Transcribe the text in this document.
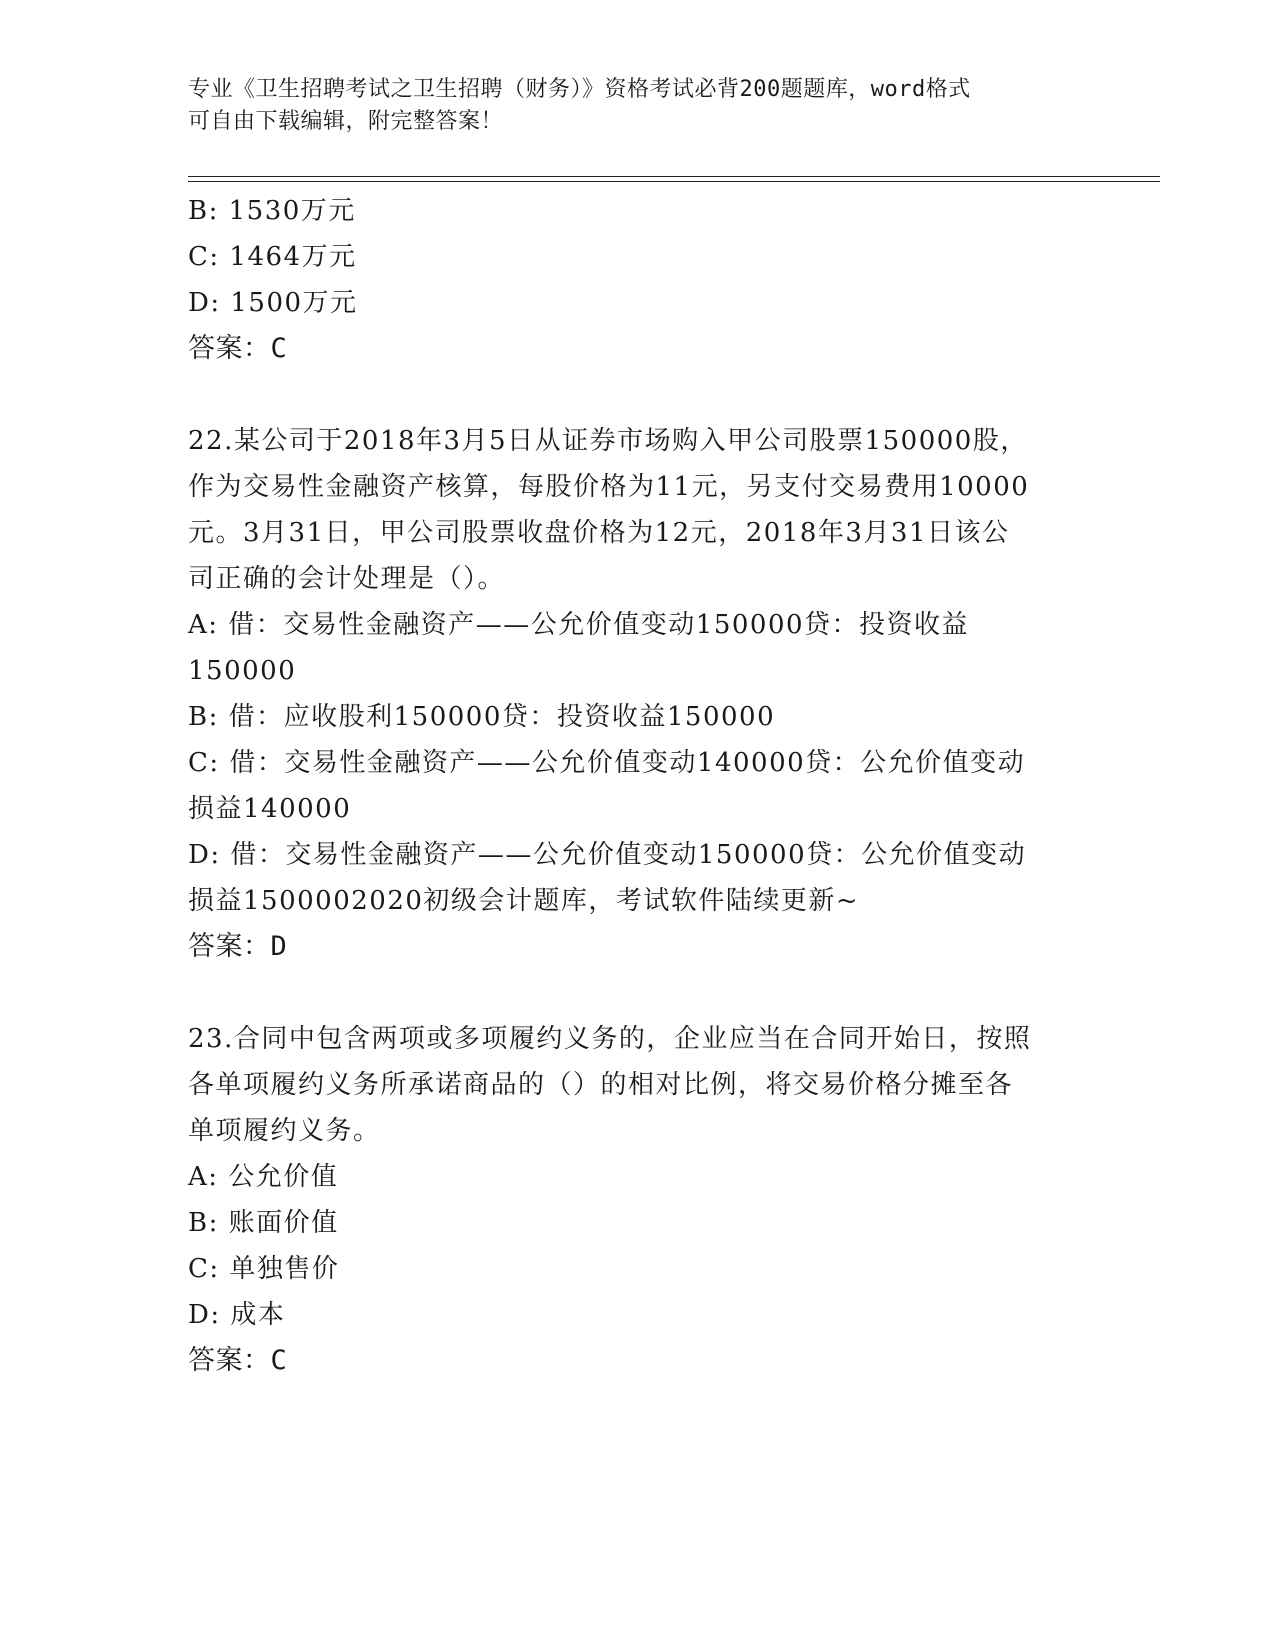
专业《卫生招聘考试之卫生招聘（财务）》资格考试必背200题题库，word格式
可自由下载编辑，附完整答案！
B: 1530万元
C: 1464万元
D: 1500万元
答案：C
22.某公司于2018年3月5日从证券市场购入甲公司股票150000股，
作为交易性金融资产核算，每股价格为11元，另支付交易费用10000
元。3月31日，甲公司股票收盘价格为12元，2018年3月31日该公
司正确的会计处理是（）。
A: 借：交易性金融资产——公允价值变动150000贷：投资收益
150000
B: 借：应收股利150000贷：投资收益150000
C: 借：交易性金融资产——公允价值变动140000贷：公允价值变动
损益140000
D: 借：交易性金融资产——公允价值变动150000贷：公允价值变动
损益1500002020初级会计题库，考试软件陆续更新~
答案：D
23.合同中包含两项或多项履约义务的，企业应当在合同开始日，按照
各单项履约义务所承诺商品的（）的相对比例，将交易价格分摊至各
单项履约义务。
A: 公允价值
B: 账面价值
C: 单独售价
D: 成本
答案：C
